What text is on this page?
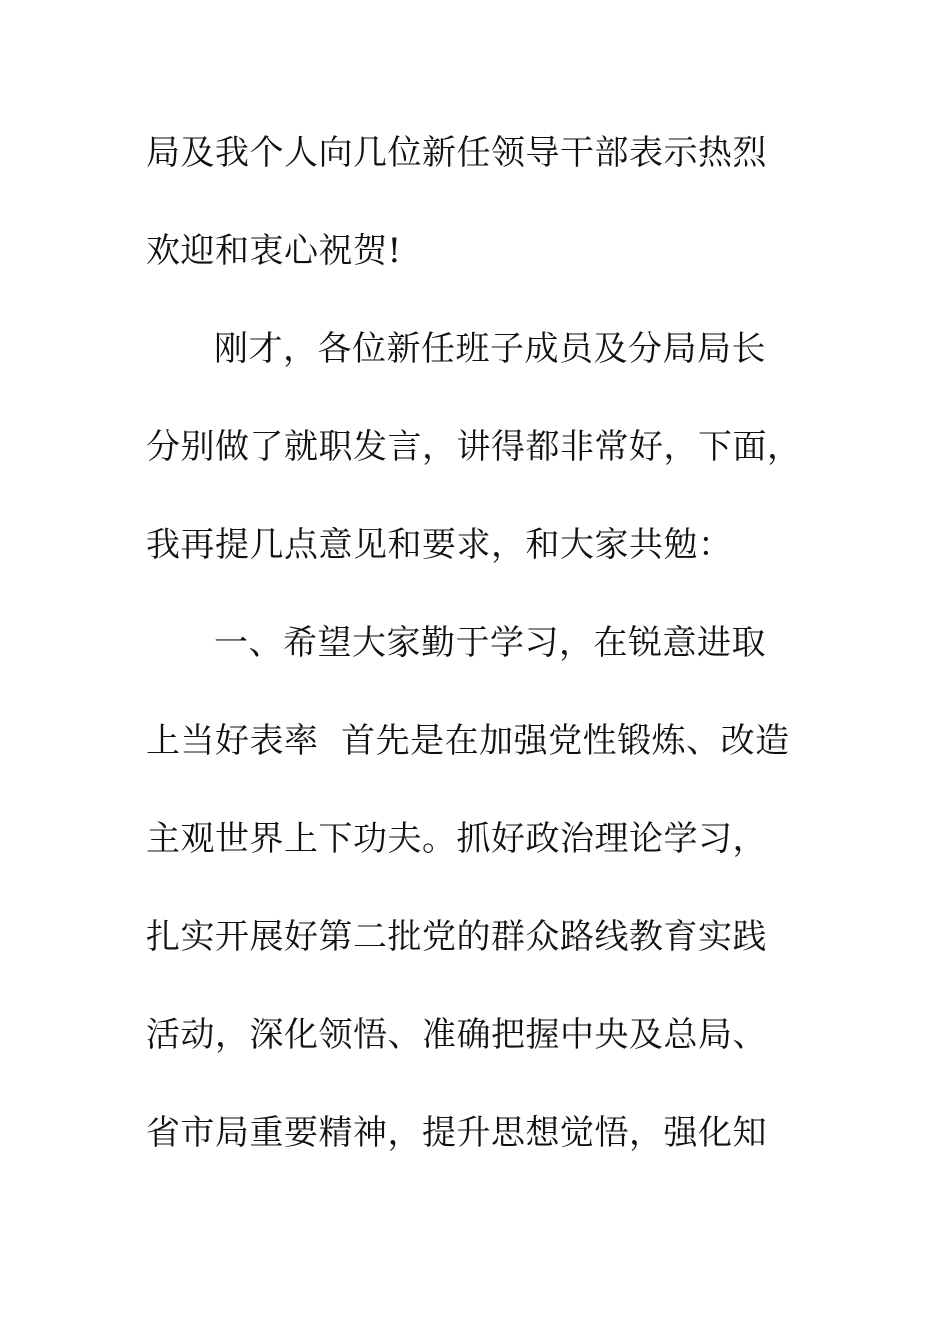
局及我个人向几位新任领导干部表示热烈
欢迎和衷心祝贺!
刚才，各位新任班子成员及分局局长
分别做了就职发言，讲得都非常好，下面，
我再提几点意见和要求，和大家共勉：
一、希望大家勤于学习，在锐意进取
上当好表率  首先是在加强党性锻炼、改造
主观世界上下功夫。抓好政治理论学习，
扎实开展好第二批党的群众路线教育实践
活动，深化领悟、准确把握中央及总局、
省市局重要精神，提升思想觉悟，强化知
